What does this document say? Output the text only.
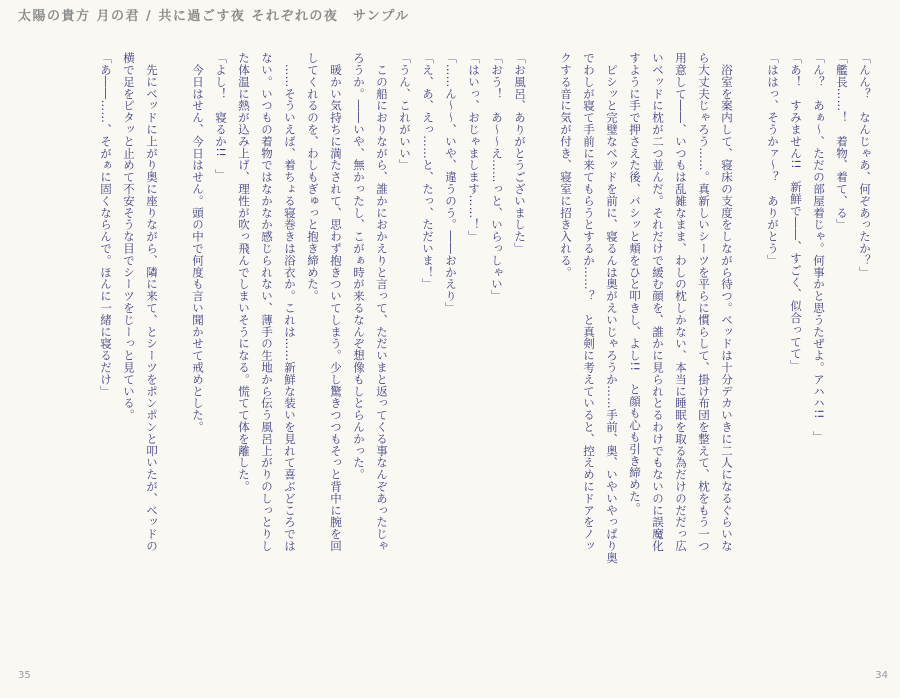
太陽の貴方 月の君 / 共に過ごす夜 それぞれの夜　サンプル
「んん？　なんじゃあ、何ぞあったか？」
「艦長……！　着物、着て、る」
「ん？　あぁ～、ただの部屋着じゃ。何事かと思うたぜよ。アハハ!!　」
「あ！　すみません!!　新鮮で――、すごく、似合ってて」
「ははっ、そうかァ～？　ありがとう」
　浴室を案内して、寝床の支度をしながら待つ。ベッドは十分デカいきに二人になるぐらいな
ら大丈夫じゃろう……。真新しいシーツを平らに慣らして、掛け布団を整えて、枕をもう一つ
用意して――、いつもは乱雑なまま、わしの枕しかない、本当に睡眠を取る為だけのだだっ広
いベッドに枕が二つ並んだ。それだけで緩む顔を、誰かに見られとるわけでもないのに誤魔化
すように手で押さえた後、バシッと頬をひと叩きし、よし!!　と顔も心も引き締めた。
　ピシッと完璧なベッドを前に、寝るんは奥がえいじゃろうか……手前、奥、いやいやっぱり奥
でわしが寝て手前に来てもらうとするか……？　と真剣に考えていると、控えめにドアをノッ
クする音に気が付き、寝室に招き入れる。
「お風呂、ありがとうございました」
「おう！　あ～～え……っと、いらっしゃい」
「はいっ、おじゃまします……！」
「……ん～～、いや、違うのう。――おかえり」
「え、あ、えっ……と、たっ、ただいま！」
「うん、これがいい」
　この船におりながら、誰かにおかえりと言って、ただいまと返ってくる事なんぞあったじゃ
ろうか。――いや、無かったし、こがぁ時が来るなんぞ想像もしとらんかった。
　暖かい気持ちに満たされて、思わず抱きついてしまう。少し驚きつつもそっと背中に腕を回
してくれるのを、わしもぎゅっと抱き締めた。
　……そういえば、着ちょる寝巻きは浴衣か。これは……新鮮な装いを見れて喜ぶどころでは
ない。いつもの着物ではなかなか感じられない、薄手の生地から伝う風呂上がりのしっとりし
た体温に熱が込み上げ、理性が吹っ飛んでしまいそうになる。慌てて体を離した。
「よし！　寝るか!!　」
　今日はせん、今日はせん。頭の中で何度も言い聞かせて戒めとした。
　先にベッドに上がり奥に座りながら、隣に来て、とシーツをポンポンと叩いたが、ベッドの
横で足をピタッと止めて不安そうな目でシーツをじーっと見ている。
「あ――……、そがぁに固くならんで。ほんに一緒に寝るだけ」
35	34
